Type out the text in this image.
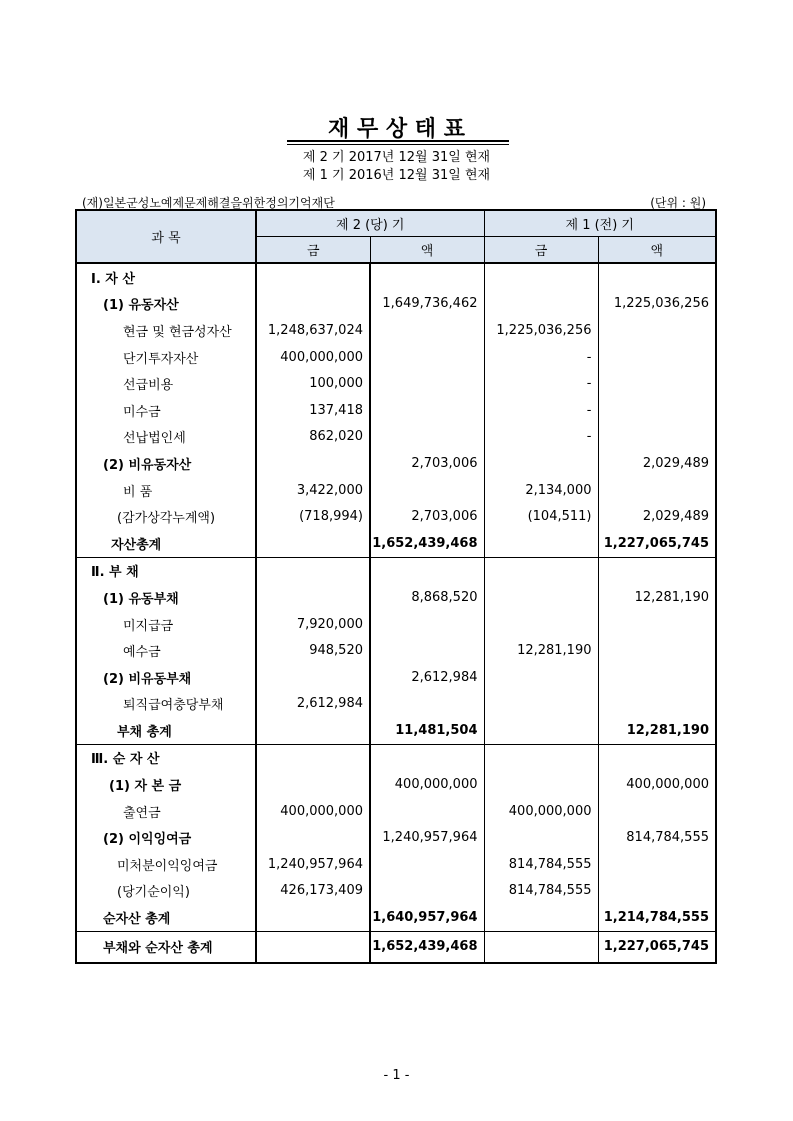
재 무 상 태 표
제 2 기 2017년 12월 31일 현재
제 1 기 2016년 12월 31일 현재
(재)일본군성노예제문제해결을위한정의기억재단	(단위 : 원)
과 목	제 2 (당) 기		제 1 (전) 기	
	금	액	금	액
Ⅰ. 자 산				
(1) 유동자산		1,649,736,462		1,225,036,256
현금 및 현금성자산	1,248,637,024		1,225,036,256	
단기투자자산	400,000,000		-	
선급비용	100,000		-	
미수금	137,418		-	
선납법인세	862,020		-	
(2) 비유동자산		2,703,006		2,029,489
비 품	3,422,000		2,134,000	
(감가상각누계액)	(718,994)	2,703,006	(104,511)	2,029,489
자산총계		1,652,439,468		1,227,065,745
Ⅱ. 부 채				
(1) 유동부채		8,868,520		12,281,190
미지급금	7,920,000			
예수금	948,520		12,281,190	
(2) 비유동부채		2,612,984		
퇴직급여충당부채	2,612,984			
부채 총계		11,481,504		12,281,190
Ⅲ. 순 자 산				
(1) 자 본 금		400,000,000		400,000,000
출연금	400,000,000		400,000,000	
(2) 이익잉여금		1,240,957,964		814,784,555
미처분이익잉여금	1,240,957,964		814,784,555	
(당기순이익)	426,173,409		814,784,555	
순자산 총계		1,640,957,964		1,214,784,555
부채와 순자산 총계		1,652,439,468		1,227,065,745
- 1 -
